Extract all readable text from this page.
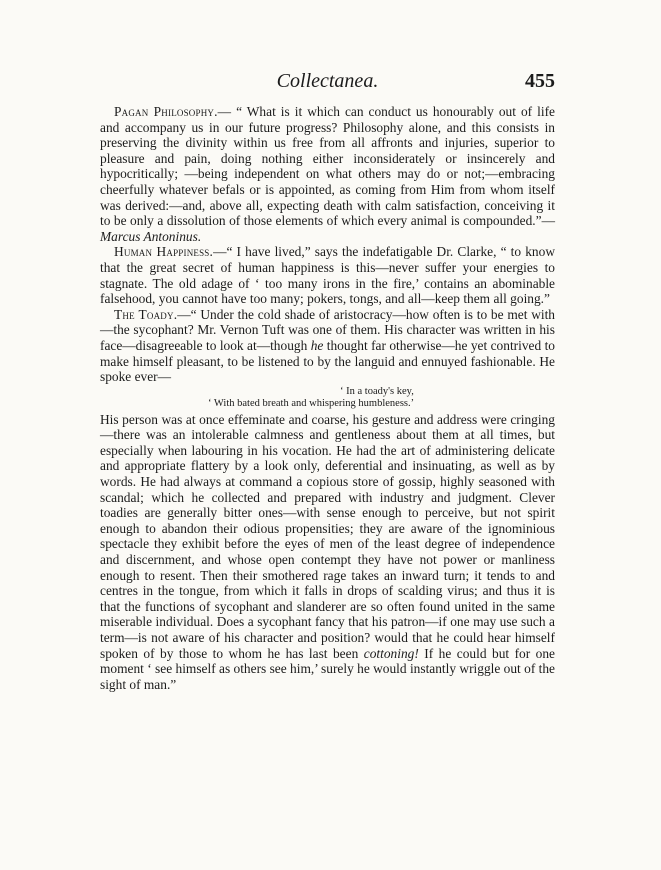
Collectanea.	455

Pagan Philosophy.— “ What is it which can conduct us honourably out of life and accompany us in our future progress? Philosophy alone, and this consists in preserving the divinity within us free from all affronts and injuries, superior to pleasure and pain, doing nothing either inconsiderately or insincerely and hypocritically; —being independent on what others may do or not;—embracing cheerfully whatever befals or is appointed, as coming from Him from whom itself was derived:—and, above all, expecting death with calm satisfaction, conceiving it to be only a dissolution of those elements of which every animal is compounded.”—Marcus Antoninus.

Human Happiness.—“ I have lived,” says the indefatigable Dr. Clarke, “ to know that the great secret of human happiness is this—never suffer your energies to stagnate. The old adage of ‘ too many irons in the fire,’ contains an abominable falsehood, you cannot have too many; pokers, tongs, and all—keep them all going.”

The Toady.—“ Under the cold shade of aristocracy—how often is to be met with—the sycophant? Mr. Vernon Tuft was one of them. His character was written in his face—disagreeable to look at—though he thought far otherwise—he yet contrived to make himself pleasant, to be listened to by the languid and ennuyed fashionable. He spoke ever—

‘ In a toady's key,
‘ With bated breath and whispering humbleness.’

His person was at once effeminate and coarse, his gesture and address were cringing—there was an intolerable calmness and gentleness about them at all times, but especially when labouring in his vocation. He had the art of administering delicate and appropriate flattery by a look only, deferential and insinuating, as well as by words. He had always at command a copious store of gossip, highly seasoned with scandal; which he collected and prepared with industry and judgment. Clever toadies are generally bitter ones—with sense enough to perceive, but not spirit enough to abandon their odious propensities; they are aware of the ignominious spectacle they exhibit before the eyes of men of the least degree of independence and discernment, and whose open contempt they have not power or manliness enough to resent. Then their smothered rage takes an inward turn; it tends to and centres in the tongue, from which it falls in drops of scalding virus; and thus it is that the functions of sycophant and slanderer are so often found united in the same miserable individual. Does a sycophant fancy that his patron—if one may use such a term—is not aware of his character and position? would that he could hear himself spoken of by those to whom he has last been cottoning! If he could but for one moment ‘ see himself as others see him,’ surely he would instantly wriggle out of the sight of man.”
